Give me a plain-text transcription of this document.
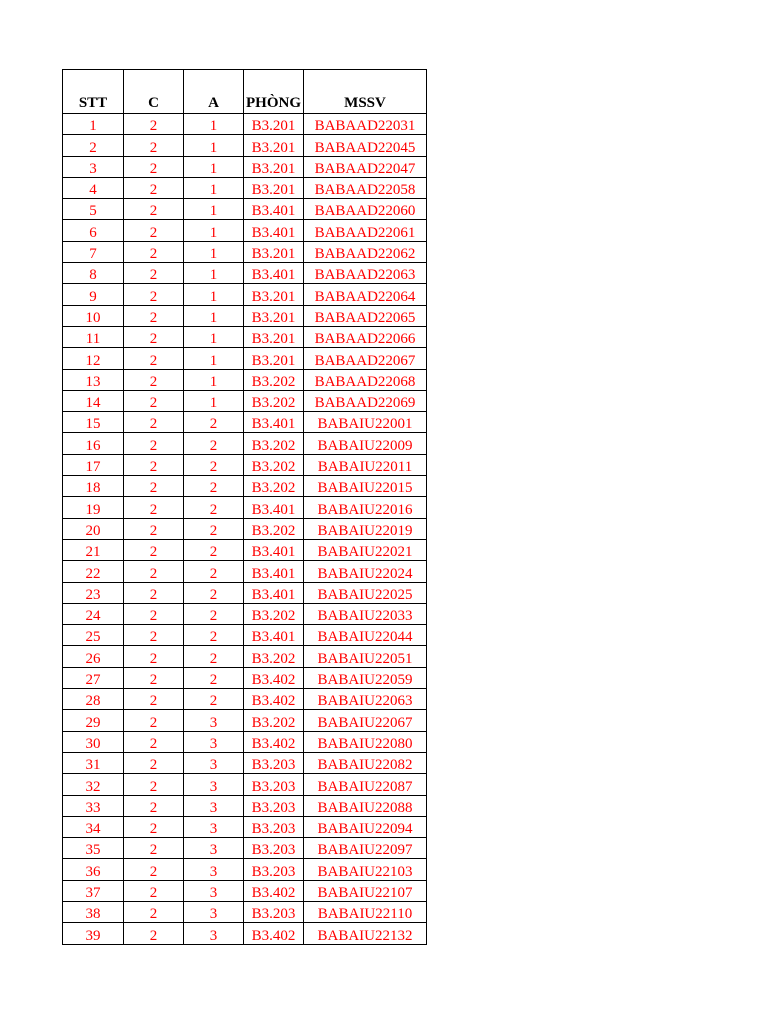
STT	C	A	PHÒNG	MSSV
1	2	1	B3.201	BABAAD22031
2	2	1	B3.201	BABAAD22045
3	2	1	B3.201	BABAAD22047
4	2	1	B3.201	BABAAD22058
5	2	1	B3.401	BABAAD22060
6	2	1	B3.401	BABAAD22061
7	2	1	B3.201	BABAAD22062
8	2	1	B3.401	BABAAD22063
9	2	1	B3.201	BABAAD22064
10	2	1	B3.201	BABAAD22065
11	2	1	B3.201	BABAAD22066
12	2	1	B3.201	BABAAD22067
13	2	1	B3.202	BABAAD22068
14	2	1	B3.202	BABAAD22069
15	2	2	B3.401	BABAIU22001
16	2	2	B3.202	BABAIU22009
17	2	2	B3.202	BABAIU22011
18	2	2	B3.202	BABAIU22015
19	2	2	B3.401	BABAIU22016
20	2	2	B3.202	BABAIU22019
21	2	2	B3.401	BABAIU22021
22	2	2	B3.401	BABAIU22024
23	2	2	B3.401	BABAIU22025
24	2	2	B3.202	BABAIU22033
25	2	2	B3.401	BABAIU22044
26	2	2	B3.202	BABAIU22051
27	2	2	B3.402	BABAIU22059
28	2	2	B3.402	BABAIU22063
29	2	3	B3.202	BABAIU22067
30	2	3	B3.402	BABAIU22080
31	2	3	B3.203	BABAIU22082
32	2	3	B3.203	BABAIU22087
33	2	3	B3.203	BABAIU22088
34	2	3	B3.203	BABAIU22094
35	2	3	B3.203	BABAIU22097
36	2	3	B3.203	BABAIU22103
37	2	3	B3.402	BABAIU22107
38	2	3	B3.203	BABAIU22110
39	2	3	B3.402	BABAIU22132
